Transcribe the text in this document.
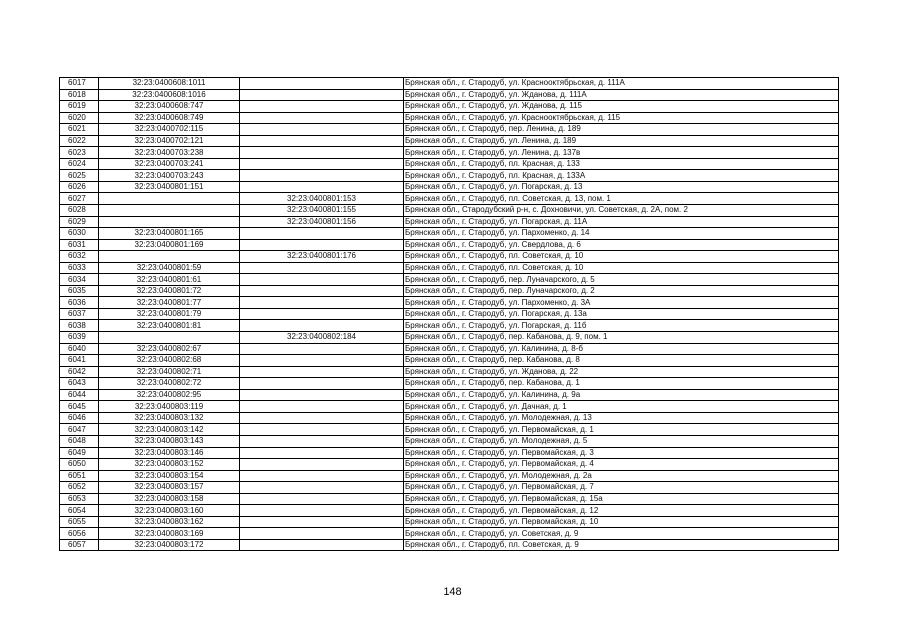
6017	32:23:0400608:1011		Брянская обл., г. Стародуб, ул. Краснооктябрьская, д. 111А
6018	32:23:0400608:1016		Брянская обл., г. Стародуб, ул. Жданова, д. 111А
6019	32:23:0400608:747		Брянская обл., г. Стародуб, ул. Жданова, д. 115
6020	32:23:0400608:749		Брянская обл., г. Стародуб, ул. Краснооктябрьская, д. 115
6021	32:23:0400702:115		Брянская обл., г. Стародуб, пер. Ленина, д. 189
6022	32:23:0400702:121		Брянская обл., г. Стародуб, ул. Ленина, д. 189
6023	32:23:0400703:238		Брянская обл., г. Стародуб, ул. Ленина, д. 137в
6024	32:23:0400703:241		Брянская обл., г. Стародуб, пл. Красная, д. 133
6025	32:23:0400703:243		Брянская обл., г. Стародуб, пл. Красная, д. 133А
6026	32:23:0400801:151		Брянская обл., г. Стародуб, ул. Погарская, д. 13
6027		32:23:0400801:153	Брянская обл., г. Стародуб, пл. Советская, д. 13, пом. 1
6028		32:23:0400801:155	Брянская обл., Стародубский р-н, с. Дохновичи, ул. Советская, д. 2А, пом. 2
6029		32:23:0400801:156	Брянская обл., г. Стародуб, ул. Погарская, д. 11А
6030	32:23:0400801:165		Брянская обл., г. Стародуб, ул. Пархоменко, д. 14
6031	32:23:0400801:169		Брянская обл., г. Стародуб, ул. Свердлова, д. 6
6032		32:23:0400801:176	Брянская обл., г. Стародуб, пл. Советская, д. 10
6033	32:23:0400801:59		Брянская обл., г. Стародуб, пл. Советская, д. 10
6034	32:23:0400801:61		Брянская обл., г. Стародуб, пер. Луначарского, д. 5
6035	32:23:0400801:72		Брянская обл., г. Стародуб, пер. Луначарского, д. 2
6036	32:23:0400801:77		Брянская обл., г. Стародуб, ул. Пархоменко, д. 3А
6037	32:23:0400801:79		Брянская обл., г. Стародуб, ул. Погарская, д. 13а
6038	32:23:0400801:81		Брянская обл., г. Стародуб, ул. Погарская, д. 11б
6039		32:23:0400802:184	Брянская обл., г. Стародуб, пер. Кабанова, д. 9, пом. 1
6040	32:23:0400802:67		Брянская обл., г. Стародуб, ул. Калинина, д. 8-б
6041	32:23:0400802:68		Брянская обл., г. Стародуб, пер. Кабанова, д. 8
6042	32:23:0400802:71		Брянская обл., г. Стародуб, ул. Жданова, д. 22
6043	32:23:0400802:72		Брянская обл., г. Стародуб, пер. Кабанова, д. 1
6044	32:23:0400802:95		Брянская обл., г. Стародуб, ул. Калинина, д. 9а
6045	32:23:0400803:119		Брянская обл., г. Стародуб, ул. Дачная, д. 1
6046	32:23:0400803:132		Брянская обл., г. Стародуб, ул. Молодежная, д. 13
6047	32:23:0400803:142		Брянская обл., г. Стародуб, ул. Первомайская, д. 1
6048	32:23:0400803:143		Брянская обл., г. Стародуб, ул. Молодежная, д. 5
6049	32:23:0400803:146		Брянская обл., г. Стародуб, ул. Первомайская, д. 3
6050	32:23:0400803:152		Брянская обл., г. Стародуб, ул. Первомайская, д. 4
6051	32:23:0400803:154		Брянская обл., г. Стародуб, ул. Молодежная, д. 2а
6052	32:23:0400803:157		Брянская обл., г. Стародуб, ул. Первомайская, д. 7
6053	32:23:0400803:158		Брянская обл., г. Стародуб, ул. Первомайская, д. 15а
6054	32:23:0400803:160		Брянская обл., г. Стародуб, ул. Первомайская, д. 12
6055	32:23:0400803:162		Брянская обл., г. Стародуб, ул. Первомайская, д. 10
6056	32:23:0400803:169		Брянская обл., г. Стародуб, ул. Советская, д. 9
6057	32:23:0400803:172		Брянская обл., г. Стародуб, пл. Советская, д. 9
148
